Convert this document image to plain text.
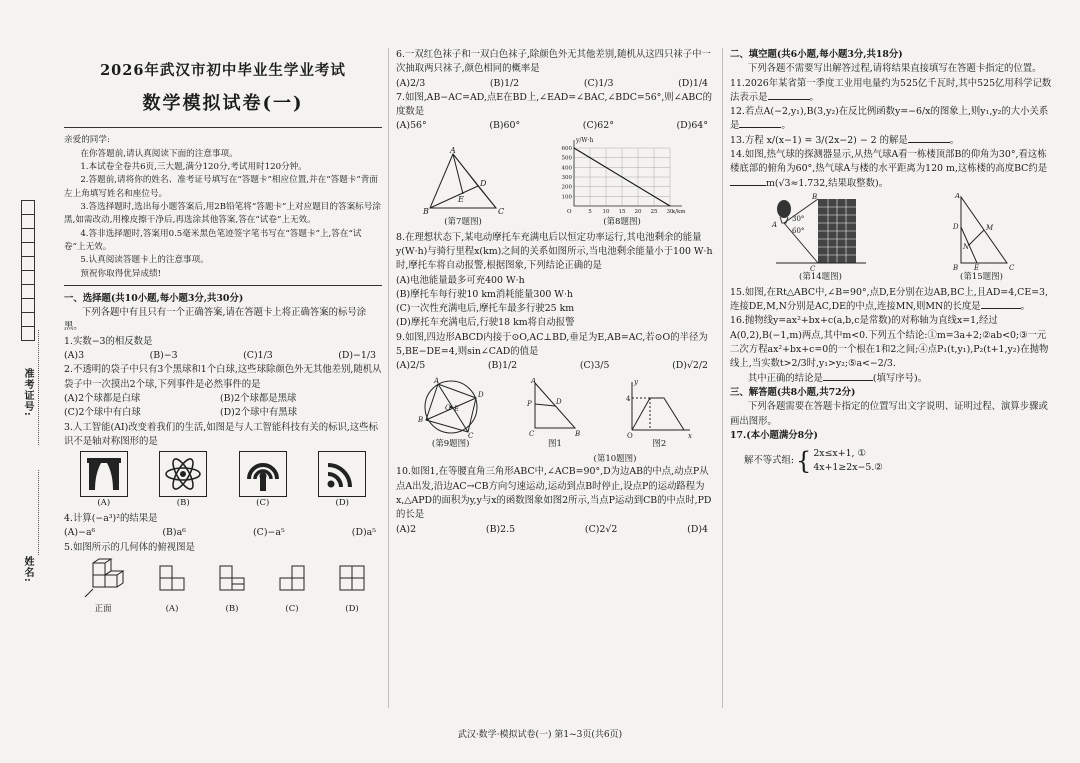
准考证号:
姓名:
2026年武汉市初中毕业生学业考试
数学模拟试卷(一)

亲爱的同学:

在你答题前,请认真阅读下面的注意事项。

1.本试卷全卷共6页,三大题,满分120分,考试用时120分钟。

2.答题前,请将你的姓名、准考证号填写在“答题卡”相应位置,并在“答题卡”背面左上角填写姓名和座位号。

3.答选择题时,选出每小题答案后,用2B铅笔将“答题卡”上对应题目的答案标号涂黑,如需改动,用橡皮擦干净后,再选涂其他答案,答在“试卷”上无效。

4.答非选择题时,答案用0.5毫米黑色笔迹签字笔书写在“答题卡”上,答在“试卷”上无效。

5.认真阅读答题卡上的注意事项。

预祝你取得优异成绩!

一、选择题(共10小题,每小题3分,共30分)

下列各题中有且只有一个正确答案,请在答题卡上将正确答案的标号涂黑。

1.实数−3的相反数是

(A)3	(B)−3	(C)1/3	(D)−1/3

2.不透明的袋子中只有3个黑球和1个白球,这些球除颜色外无其他差别,随机从袋子中一次摸出2个球,下列事件是必然事件的是

(A)2个球都是白球	(B)2个球都是黑球
(C)2个球中有白球	(D)2个球中有黑球

3.人工智能(AI)改变着我们的生活,如图是与人工智能科技有关的标识,这些标识不是轴对称图形的是

(A)	(B)	(C)	(D)

4.计算(−a³)²的结果是

(A)−a⁶	(B)a⁶	(C)−a⁵	(D)a⁵

5.如图所示的几何体的俯视图是

正面	(A)	(B)	(C)	(D)

6.一双红色袜子和一双白色袜子,除颜色外无其他差别,随机从这四只袜子中一次抽取两只袜子,颜色相同的概率是

(A)2/3	(B)1/2	(C)1/3	(D)1/4

7.如图,AB−AC=AD,点E在BD上,∠EAD=∠BAC,∠BDC=56°,则∠ABC的度数是

(A)56°	(B)60°	(C)62°	(D)64°
A
B	C
D
E
(第7题图)
100
200
300
400
500
600
5 10 15 20 25 30
x/km
y/W·h
O
(第8题图)

8.在理想状态下,某电动摩托车充满电后以恒定功率运行,其电池剩余的能量y(W·h)与骑行里程x(km)之间的关系如图所示,当电池剩余能量小于100 W·h时,摩托车将自动报警,根据图象,下列结论正确的是

(A)电池能量最多可充400 W·h

(B)摩托车每行驶10 km消耗能量300 W·h

(C)一次性充满电后,摩托车最多行驶25 km

(D)摩托车充满电后,行驶18 km将自动报警

9.如图,四边形ABCD内接于⊙O,AC⊥BD,垂足为E,AB=AC,若⊙O的半径为5,BE−DE=4,则sin∠CAD的值是

(A)2/5	(B)1/2	(C)3/5	(D)√2/2
A
B
C
D
E
O
(第9题图)
A
P
C	B
D
图1
4
O	x
y
图2
(第10题图)

10.如图1,在等腰直角三角形ABC中,∠ACB=90°,D为边AB的中点,动点P从点A出发,沿边AC→CB方向匀速运动,运动到点B时停止,设点P的运动路程为x,△APD的面积为y,y与x的函数图象如图2所示,当点P运动到CB的中点时,PD的长是

(A)2	(B)2.5	(C)2√2	(D)4

二、填空题(共6小题,每小题3分,共18分)

下列各题不需要写出解答过程,请将结果直接填写在答题卡指定的位置。

11.2026年某省第一季度工业用电量约为525亿千瓦时,其中525亿用科学记数法表示是	。

12.若点A(−2,y₁),B(3,y₂)在反比例函数y=−6/x的图象上,则y₁,y₂的大小关系是	。

13.方程 x/(x−1) = 3/(2x−2) − 2 的解是	。

14.如图,热气球的探测器显示,从热气球A看一栋楼顶部B的仰角为30°,看这栋楼底部的俯角为60°,热气球A与楼的水平距离为120 m,这栋楼的高度BC约是m(√3≈1.732,结果取整数)。

A
B
C
30°
60°
(第14题图)
A
D
B E	C
M
N
(第15题图)

15.如图,在Rt△ABC中,∠B=90°,点D,E分别在边AB,BC上,且AD=4,CE=3,连接DE,M,N分别是AC,DE的中点,连接MN,则MN的长度是	。

16.抛物线y=ax²+bx+c(a,b,c是常数)的对称轴为直线x=1,经过A(0,2),B(−1,m)两点,其中m<0.下列五个结论:①m=3a+2;②ab<0;③一元二次方程ax²+bx+c=0的一个根在1和2之间;④点P₁(t,y₁),P₂(t+1,y₂)在抛物线上,当实数t>2/3时,y₁>y₂;⑤a<−2/3.

其中正确的结论是	(填写序号)。

三、解答题(共8小题,共72分)

下列各题需要在答题卡指定的位置写出文字说明、证明过程、演算步骤或画出图形。

17.(本小题满分8分)

解不等式组: { 2x≤x+1, ①
4x+1≥2x−5.②
武汉·数学·模拟试卷(一) 第1~3页(共6页)
